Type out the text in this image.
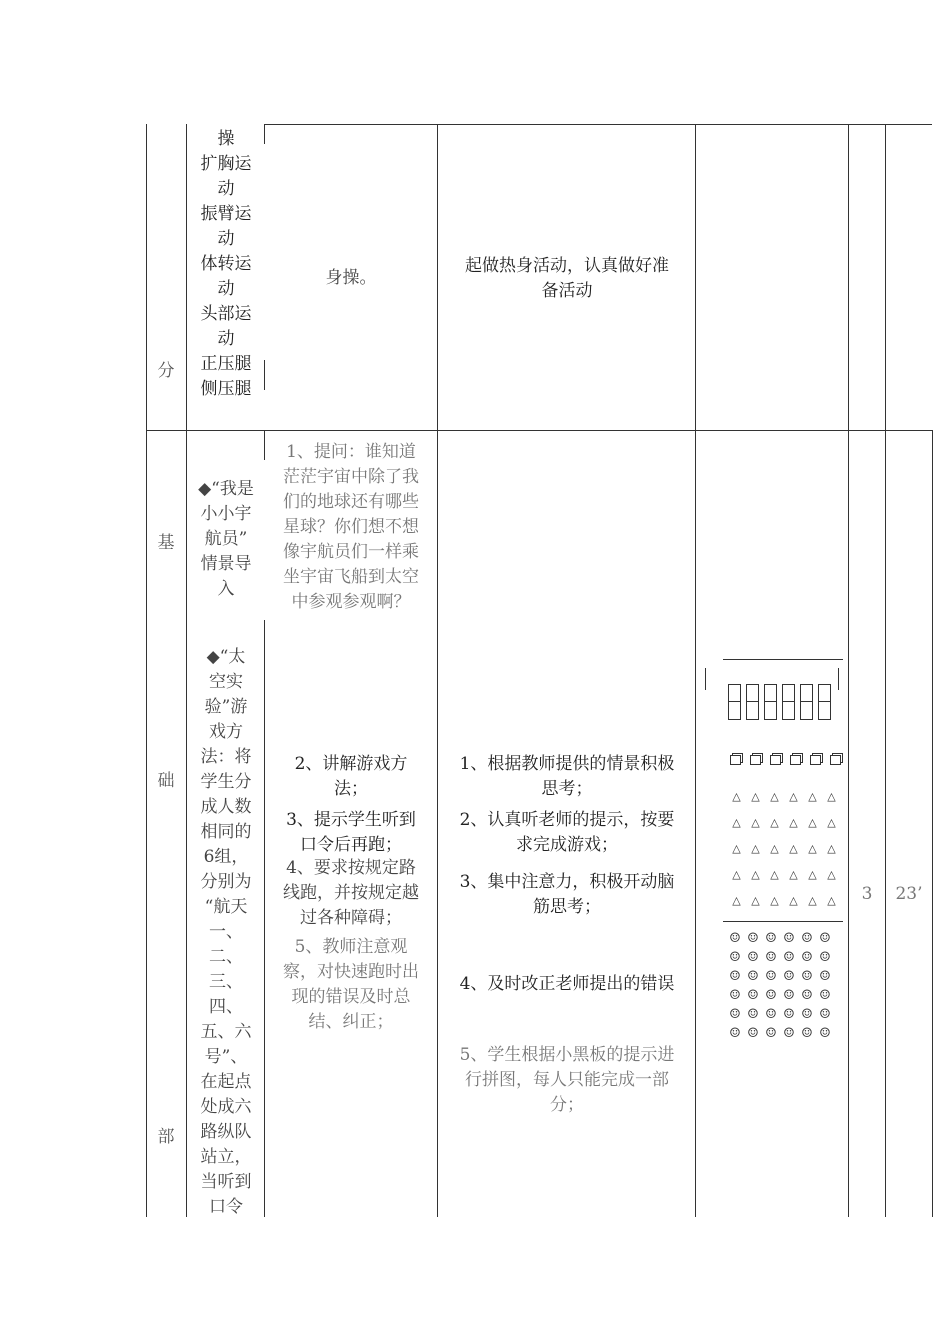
分
操
扩胸运
动
振臂运
动
体转运
动
头部运
动
正压腿
侧压腿
身操。
起做热身活动，认真做好准
备活动
基
础
部
◆“我是
小小宇
航员”
情景导
入
◆“太
空实
验”游
戏方
法：将
学生分
成人数
相同的
6组，
分别为
“航天
一、
二、
三、
四、
五、六
号”、
在起点
处成六
路纵队
站立，
当听到
口令
1、提问：谁知道
茫茫宇宙中除了我
们的地球还有哪些
星球？你们想不想
像宇航员们一样乘
坐宇宙飞船到太空
中参观参观啊？
2、讲解游戏方
法；
3、提示学生听到
口令后再跑；
4、要求按规定路
线跑，并按规定越
过各种障碍；
5、教师注意观
察，对快速跑时出
现的错误及时总
结、纠正；
1、根据教师提供的情景积极
思考；
2、认真听老师的提示，按要
求完成游戏；
3、集中注意力，积极开动脑
筋思考；
4、及时改正老师提出的错误
5、学生根据小黑板的提示进
行拼图，每人只能完成一部
分；
3	23’
△ △ △ △ △ △
△ △ △ △ △ △
△ △ △ △ △ △
△ △ △ △ △ △
△ △ △ △ △ △
☺ ☺ ☺ ☺ ☺ ☺
☺ ☺ ☺ ☺ ☺ ☺
☺ ☺ ☺ ☺ ☺ ☺
☺ ☺ ☺ ☺ ☺ ☺
☺ ☺ ☺ ☺ ☺ ☺
☺ ☺ ☺ ☺ ☺ ☺
